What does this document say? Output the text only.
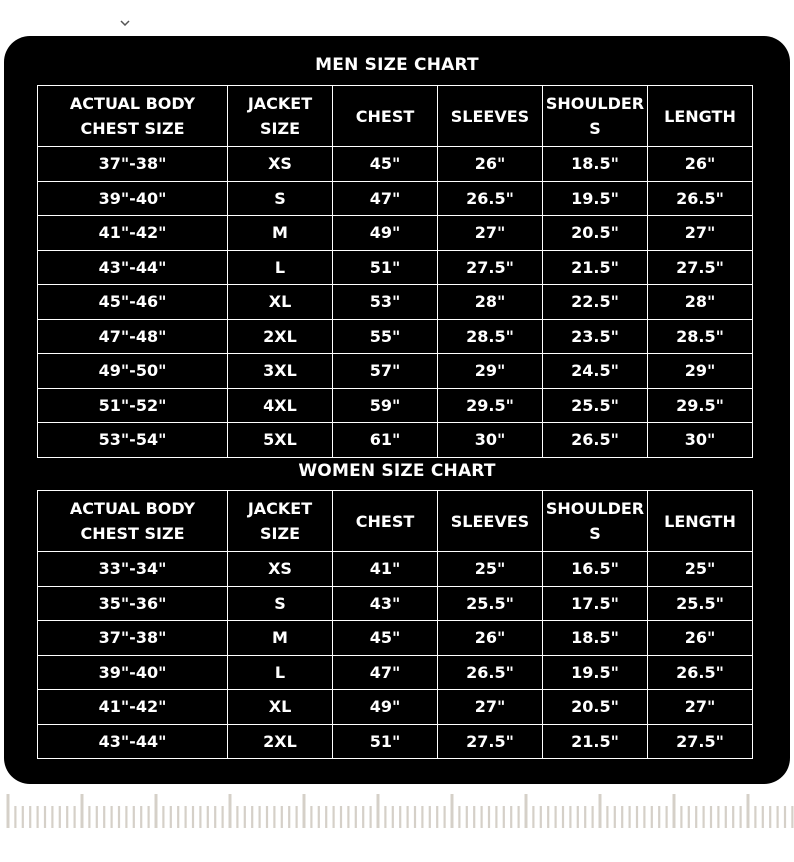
MEN SIZE CHART
ACTUAL BODY CHEST SIZE	JACKET SIZE	CHEST	SLEEVES	SHOULDER S	LENGTH
37"-38"	XS	45"	26"	18.5"	26"
39"-40"	S	47"	26.5"	19.5"	26.5"
41"-42"	M	49"	27"	20.5"	27"
43"-44"	L	51"	27.5"	21.5"	27.5"
45"-46"	XL	53"	28"	22.5"	28"
47"-48"	2XL	55"	28.5"	23.5"	28.5"
49"-50"	3XL	57"	29"	24.5"	29"
51"-52"	4XL	59"	29.5"	25.5"	29.5"
53"-54"	5XL	61"	30"	26.5"	30"
WOMEN SIZE CHART
ACTUAL BODY CHEST SIZE	JACKET SIZE	CHEST	SLEEVES	SHOULDER S	LENGTH
33"-34"	XS	41"	25"	16.5"	25"
35"-36"	S	43"	25.5"	17.5"	25.5"
37"-38"	M	45"	26"	18.5"	26"
39"-40"	L	47"	26.5"	19.5"	26.5"
41"-42"	XL	49"	27"	20.5"	27"
43"-44"	2XL	51"	27.5"	21.5"	27.5"
